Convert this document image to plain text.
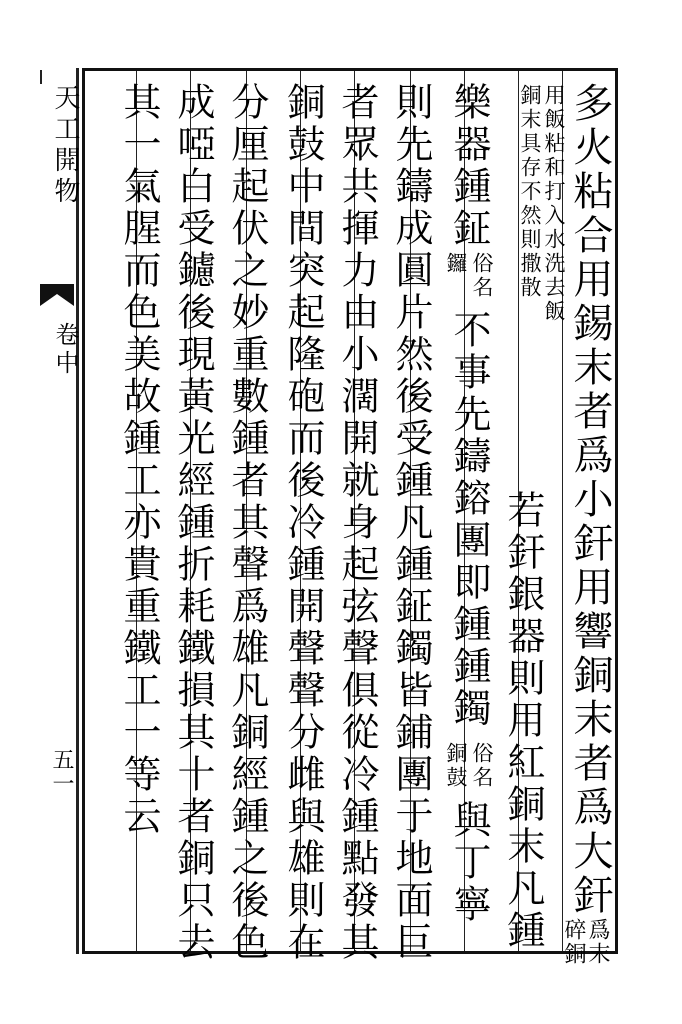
天工開物
卷中
五一	多火粘合用錫末者爲小釬用響銅末者爲大釬碎銅爲末
用飯粘和打入水洗去飯
銅末具存不然則撒散
若釬銀器則用紅銅末凡鍾
樂器鍾鉦
俗名
鑼
不事先鑄鎔團即鍾鍾鐲
俗名
銅鼓
與丁寧
則先鑄成圓片然後受鍾凡鍾鉦鐲皆鋪團于地面巨
者眾共揮力由小濶開就身起弦聲俱從冷鍾點發其
銅鼓中間突起隆砲而後冷鍾開聲聲分雌與雄則在
分厘起伏之妙重數鍾者其聲爲雄凡銅經鍾之後色
成啞白受鑢後現黃光經鍾折耗鐵損其十者銅只去
其一氣腥而色美故鍾工亦貴重鐵工一等云
